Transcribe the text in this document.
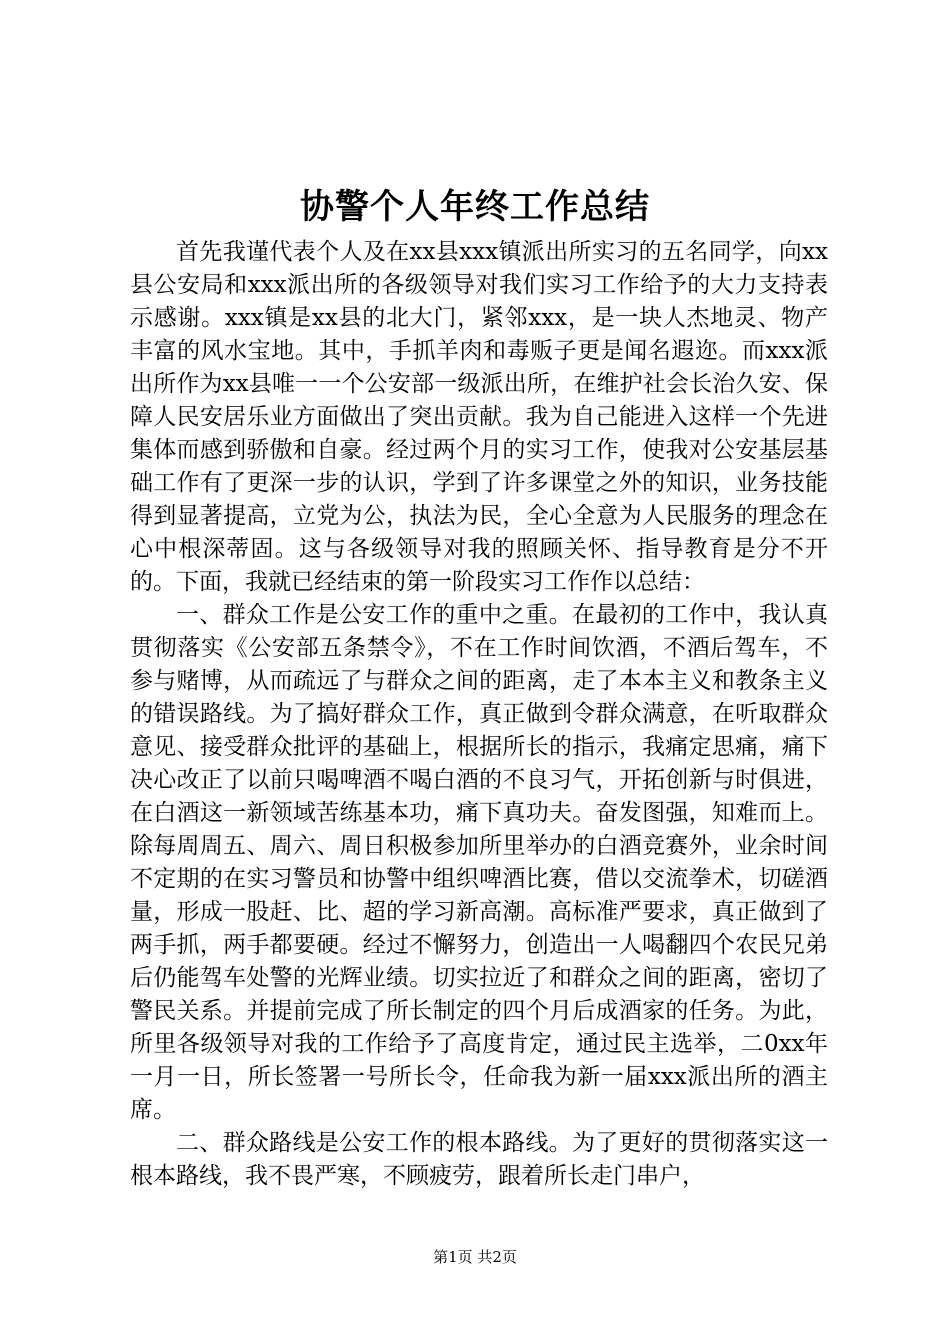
协警个人年终工作总结

首先我谨代表个人及在xx县xxx镇派出所实习的五名同学，向xx县公安局和xxx派出所的各级领导对我们实习工作给予的大力支持表示感谢。xxx镇是xx县的北大门，紧邻xxx，是一块人杰地灵、物产丰富的风水宝地。其中，手抓羊肉和毒贩子更是闻名遐迩。而xxx派出所作为xx县唯一一个公安部一级派出所，在维护社会长治久安、保障人民安居乐业方面做出了突出贡献。我为自己能进入这样一个先进集体而感到骄傲和自豪。经过两个月的实习工作，使我对公安基层基础工作有了更深一步的认识，学到了许多课堂之外的知识，业务技能得到显著提高，立党为公，执法为民，全心全意为人民服务的理念在心中根深蒂固。这与各级领导对我的照顾关怀、指导教育是分不开的。下面，我就已经结束的第一阶段实习工作作以总结：

一、群众工作是公安工作的重中之重。在最初的工作中，我认真贯彻落实《公安部五条禁令》，不在工作时间饮酒，不酒后驾车，不参与赌博，从而疏远了与群众之间的距离，走了本本主义和教条主义的错误路线。为了搞好群众工作，真正做到令群众满意，在听取群众意见、接受群众批评的基础上，根据所长的指示，我痛定思痛，痛下决心改正了以前只喝啤酒不喝白酒的不良习气，开拓创新与时俱进，在白酒这一新领域苦练基本功，痛下真功夫。奋发图强，知难而上。除每周周五、周六、周日积极参加所里举办的白酒竞赛外，业余时间不定期的在实习警员和协警中组织啤酒比赛，借以交流拳术，切磋酒量，形成一股赶、比、超的学习新高潮。高标准严要求，真正做到了两手抓，两手都要硬。经过不懈努力，创造出一人喝翻四个农民兄弟后仍能驾车处警的光辉业绩。切实拉近了和群众之间的距离，密切了警民关系。并提前完成了所长制定的四个月后成酒家的任务。为此，所里各级领导对我的工作给予了高度肯定，通过民主选举，二0xx年一月一日，所长签署一号所长令，任命我为新一届xxx派出所的酒主席。

二、群众路线是公安工作的根本路线。为了更好的贯彻落实这一根本路线，我不畏严寒，不顾疲劳，跟着所长走门串户，

第1页 共2页
